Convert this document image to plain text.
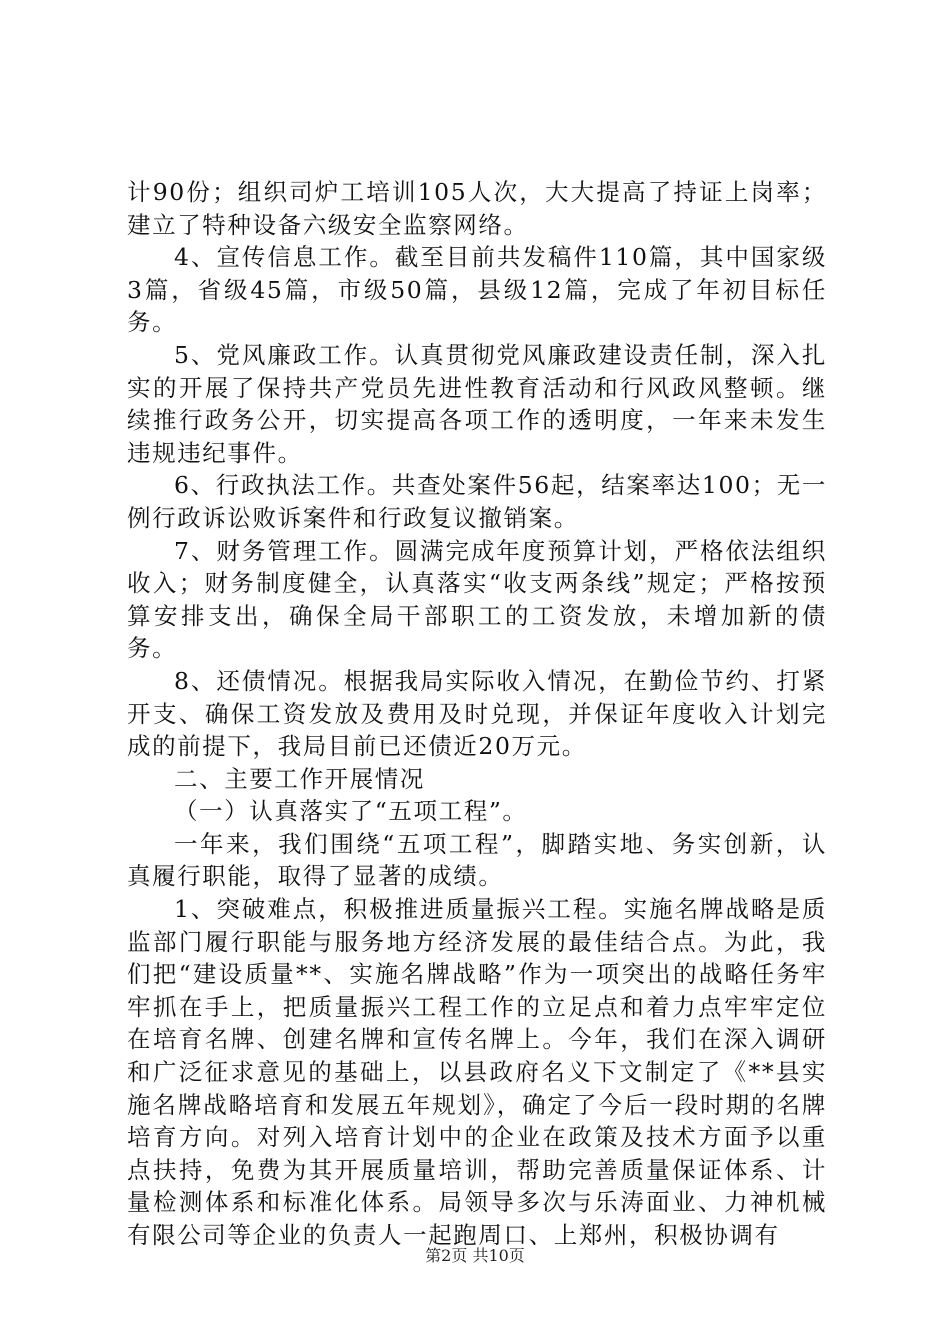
计90份；组织司炉工培训105人次，大大提高了持证上岗率；建立了特种设备六级安全监察网络。

4、宣传信息工作。截至目前共发稿件110篇，其中国家级3篇，省级45篇，市级50篇，县级12篇，完成了年初目标任务。

5、党风廉政工作。认真贯彻党风廉政建设责任制，深入扎实的开展了保持共产党员先进性教育活动和行风政风整顿。继续推行政务公开，切实提高各项工作的透明度，一年来未发生违规违纪事件。

6、行政执法工作。共查处案件56起，结案率达100；无一例行政诉讼败诉案件和行政复议撤销案。

7、财务管理工作。圆满完成年度预算计划，严格依法组织收入；财务制度健全，认真落实“收支两条线”规定；严格按预算安排支出，确保全局干部职工的工资发放，未增加新的债务。

8、还债情况。根据我局实际收入情况，在勤俭节约、打紧开支、确保工资发放及费用及时兑现，并保证年度收入计划完成的前提下，我局目前已还债近20万元。

二、主要工作开展情况

（一）认真落实了“五项工程”。

一年来，我们围绕“五项工程”，脚踏实地、务实创新，认真履行职能，取得了显著的成绩。

1、突破难点，积极推进质量振兴工程。实施名牌战略是质监部门履行职能与服务地方经济发展的最佳结合点。为此，我们把“建设质量**、实施名牌战略”作为一项突出的战略任务牢牢抓在手上，把质量振兴工程工作的立足点和着力点牢牢定位在培育名牌、创建名牌和宣传名牌上。今年，我们在深入调研和广泛征求意见的基础上，以县政府名义下文制定了《**县实施名牌战略培育和发展五年规划》，确定了今后一段时期的名牌培育方向。对列入培育计划中的企业在政策及技术方面予以重点扶持，免费为其开展质量培训，帮助完善质量保证体系、计量检测体系和标准化体系。局领导多次与乐涛面业、力神机械有限公司等企业的负责人一起跑周口、上郑州，积极协调有

第2页 共10页
